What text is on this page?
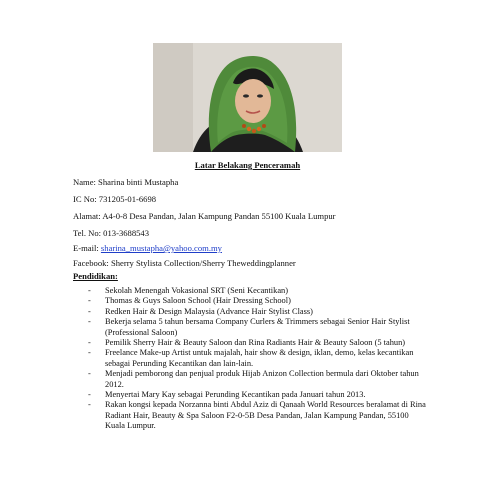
Latar Belakang Penceramah
Name: Sharina binti Mustapha
IC No: 731205-01-6698
Alamat: A4-0-8 Desa Pandan, Jalan Kampung Pandan 55100 Kuala Lumpur
Tel. No: 013-3688543
E-mail: sharina_mustapha@yahoo.com.my
Facebook: Sherry Stylista Collection/Sherry Theweddingplanner
Pendidikan:
- Sekolah Menengah Vokasional SRT (Seni Kecantikan)
- Thomas & Guys Saloon School (Hair Dressing School)
- Redken Hair & Design Malaysia (Advance Hair Stylist Class)
- Bekerja selama 5 tahun bersama Company Curlers & Trimmers sebagai Senior Hair Stylist (Professional Saloon)
- Pemilik Sherry Hair & Beauty Saloon dan Rina Radiants Hair & Beauty Saloon (5 tahun)
- Freelance Make-up Artist untuk majalah, hair show & design, iklan, demo, kelas kecantikan sebagai Perunding Kecantikan dan lain-lain.
- Menjadi pemborong dan penjual produk Hijab Anizon Collection bermula dari Oktober tahun 2012.
- Menyertai Mary Kay sebagai Perunding Kecantikan pada Januari tahun 2013.
- Rakan kongsi kepada Norzanna binti Abdul Aziz di Qanaah World Resources beralamat di Rina Radiant Hair, Beauty & Spa Saloon F2-0-5B Desa Pandan, Jalan Kampung Pandan, 55100 Kuala Lumpur.
